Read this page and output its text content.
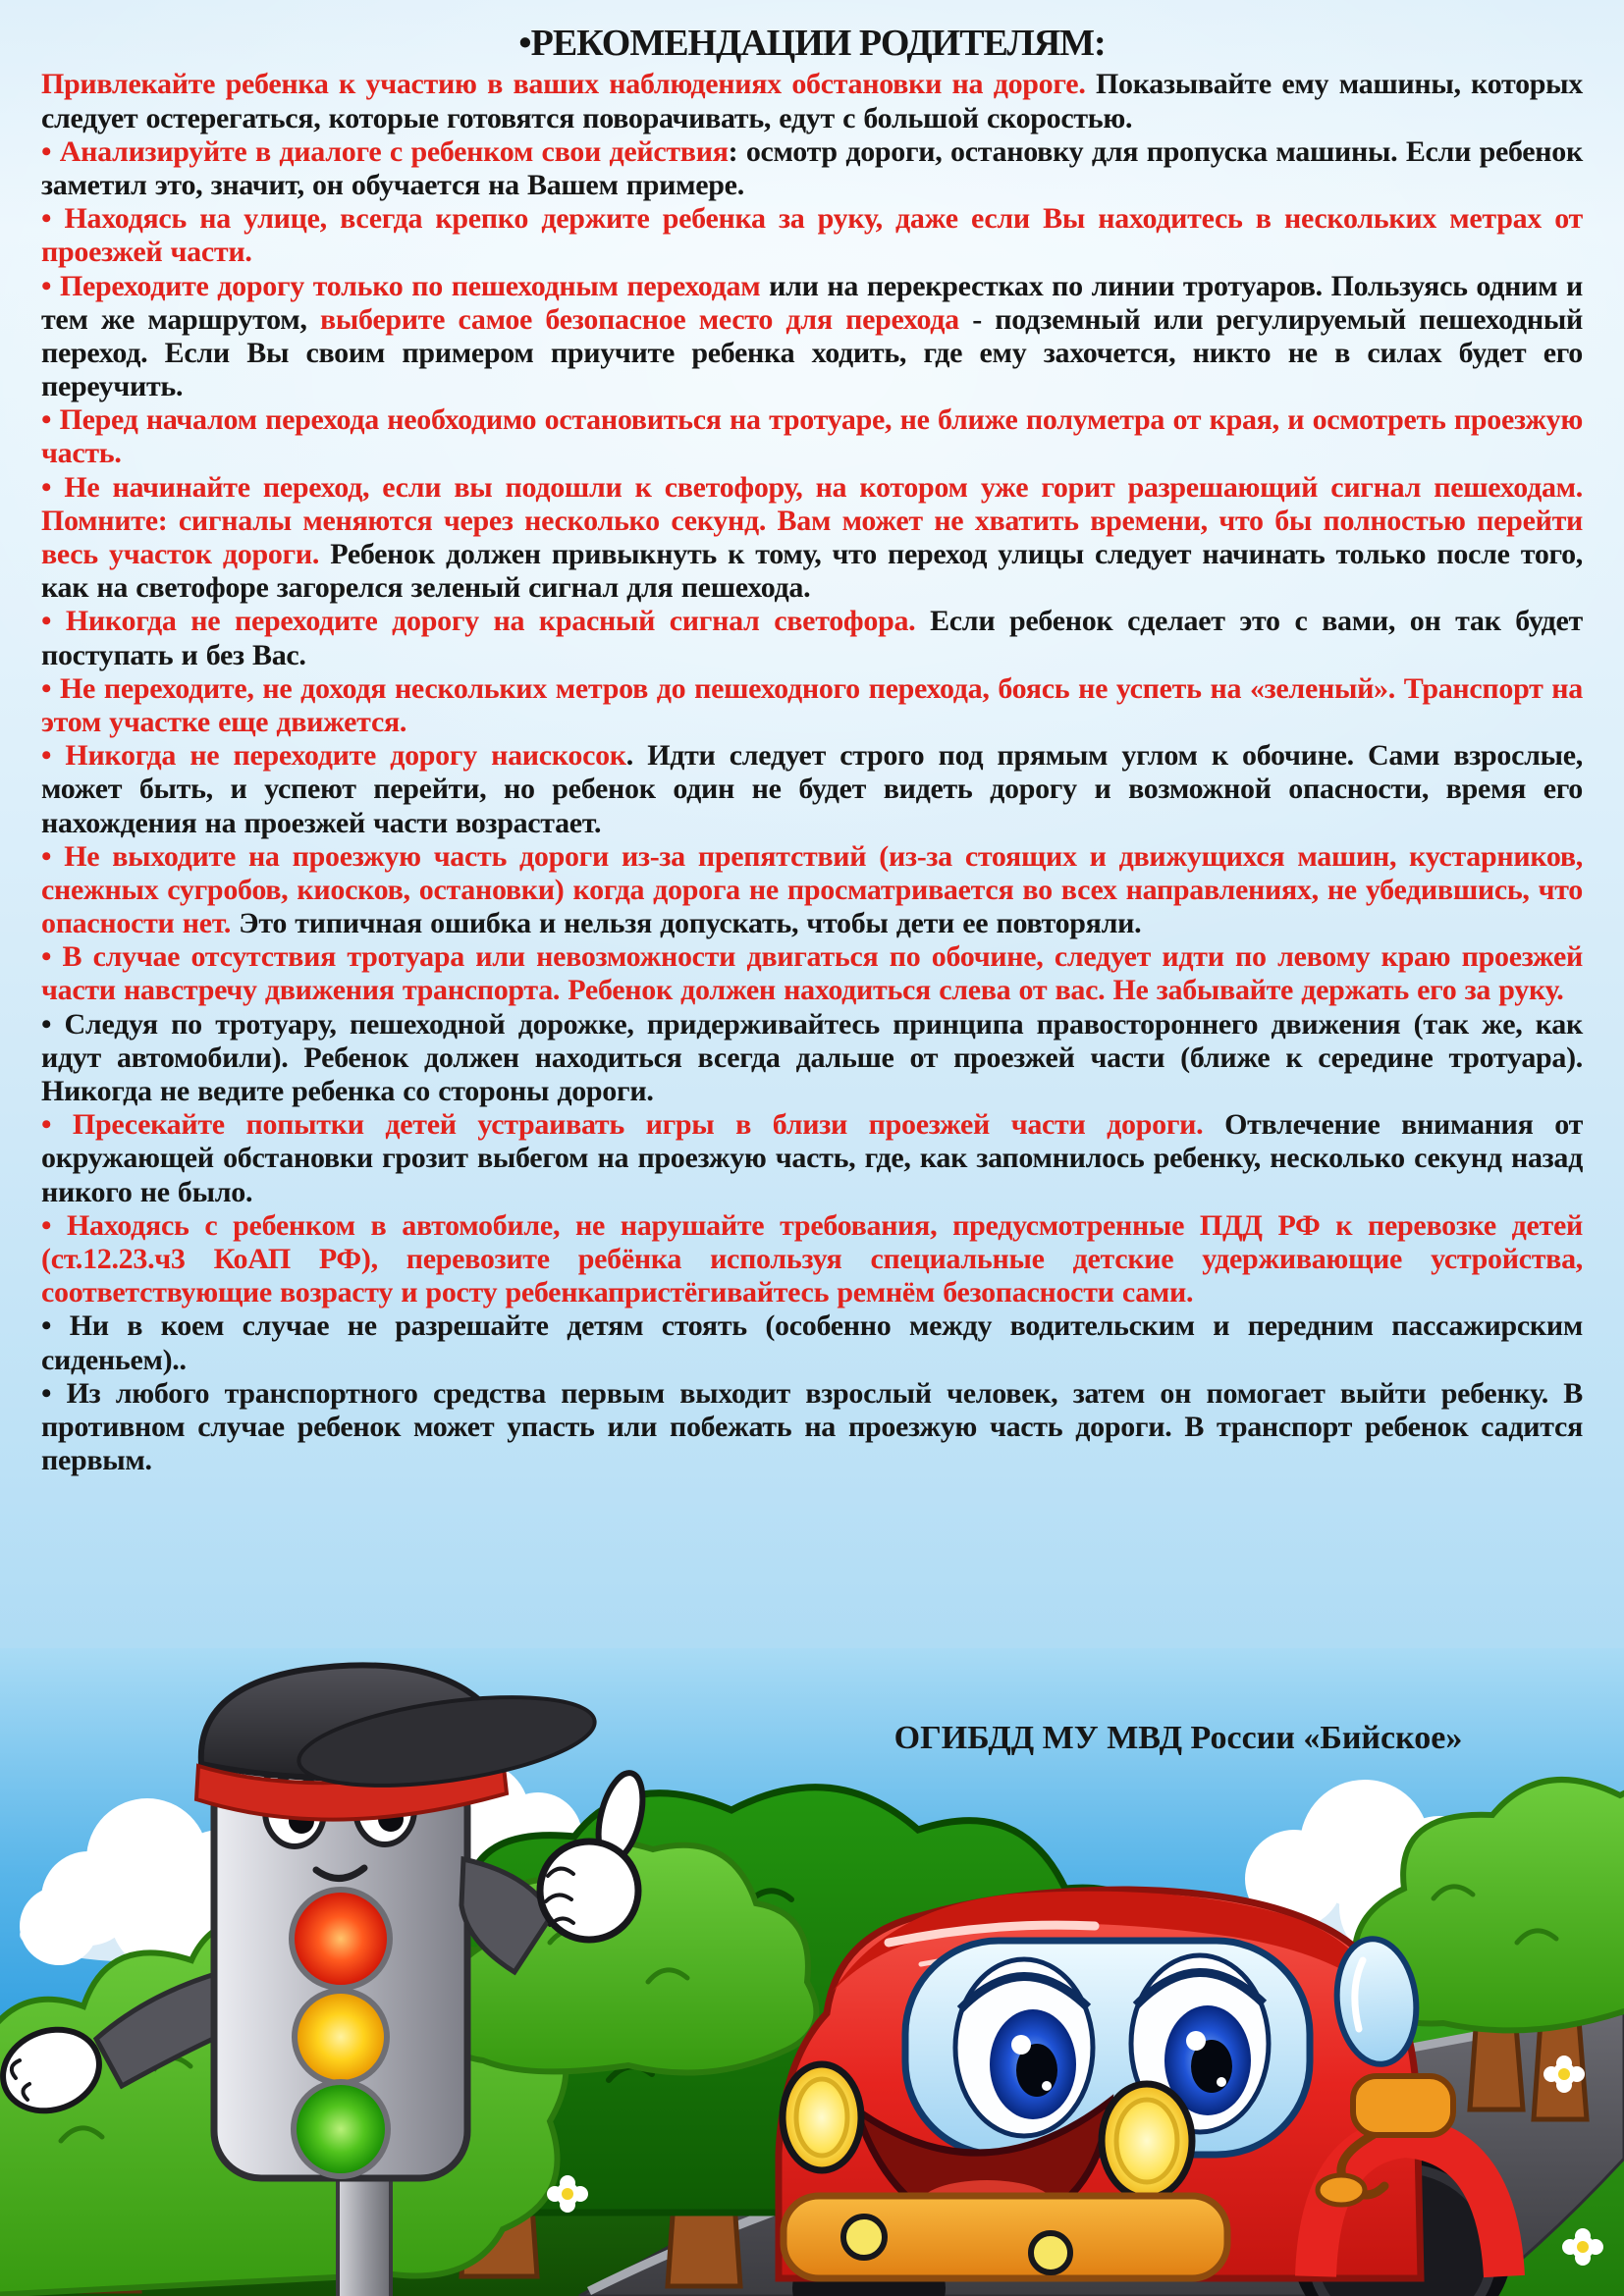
•РЕКОМЕНДАЦИИ РОДИТЕЛЯМ:

Привлекайте ребенка к участию в ваших наблюдениях обстановки на дороге. Показывайте ему машины, которых следует остерегаться, которые готовятся поворачивать, едут с большой скоростью.

• Анализируйте в диалоге с ребенком свои действия: осмотр дороги, остановку для пропуска машины. Если ребенок заметил это, значит, он обучается на Вашем примере.

• Находясь на улице, всегда крепко держите ребенка за руку, даже если Вы находитесь в нескольких метрах от проезжей части.

• Переходите дорогу только по пешеходным переходам или на перекрестках по линии тротуаров. Пользуясь одним и тем же маршрутом, выберите самое безопасное место для перехода - подземный или регулируемый пешеходный переход. Если Вы своим примером приучите ребенка ходить, где ему захочется, никто не в силах будет его переучить.

• Перед началом перехода необходимо остановиться на тротуаре, не ближе полуметра от края, и осмотреть проезжую часть.

• Не начинайте переход, если вы подошли к светофору, на котором уже горит разрешающий сигнал пешеходам. Помните: сигналы меняются через несколько секунд. Вам может не хватить времени, что бы полностью перейти весь участок дороги. Ребенок должен привыкнуть к тому, что переход улицы следует начинать только после того, как на светофоре загорелся зеленый сигнал для пешехода.

• Никогда не переходите дорогу на красный сигнал светофора. Если ребенок сделает это с вами, он так будет поступать и без Вас.

• Не переходите, не доходя нескольких метров до пешеходного перехода, боясь не успеть на «зеленый». Транспорт на этом участке еще движется.

• Никогда не переходите дорогу наискосок. Идти следует строго под прямым углом к обочине. Сами взрослые, может быть, и успеют перейти, но ребенок один не будет видеть дорогу и возможной опасности, время его нахождения на проезжей части возрастает.

• Не выходите на проезжую часть дороги из-за препятствий (из-за стоящих и движущихся машин, кустарников, снежных сугробов, киосков, остановки) когда дорога не просматривается во всех направлениях, не убедившись, что опасности нет. Это типичная ошибка и нельзя допускать, чтобы дети ее повторяли.

• В случае отсутствия тротуара или невозможности двигаться по обочине, следует идти по левому краю проезжей части навстречу движения транспорта. Ребенок должен находиться слева от вас. Не забывайте держать его за руку.

• Следуя по тротуару, пешеходной дорожке, придерживайтесь принципа правостороннего движения (так же, как идут автомобили). Ребенок должен находиться всегда дальше от проезжей части (ближе к середине тротуара). Никогда не ведите ребенка со стороны дороги.

• Пресекайте попытки детей устраивать игры в близи проезжей части дороги. Отвлечение внимания от окружающей обстановки грозит выбегом на проезжую часть, где, как запомнилось ребенку, несколько секунд назад никого не было.

• Находясь с ребенком в автомобиле, не нарушайте требования, предусмотренные ПДД РФ к перевозке детей (ст.12.23.ч3 КоАП РФ), перевозите ребёнка используя специальные детские удерживающие устройства, соответствующие возрасту и росту ребенкапристёгивайтесь ремнём безопасности сами.

• Ни в коем случае не разрешайте детям стоять (особенно между водительским и передним пассажирским сиденьем)..

• Из любого транспортного средства первым выходит взрослый человек, затем он помогает выйти ребенку. В противном случае ребенок может упасть или побежать на проезжую часть дороги. В транспорт ребенок садится первым.

ОГИБДД МУ МВД России «Бийское»
